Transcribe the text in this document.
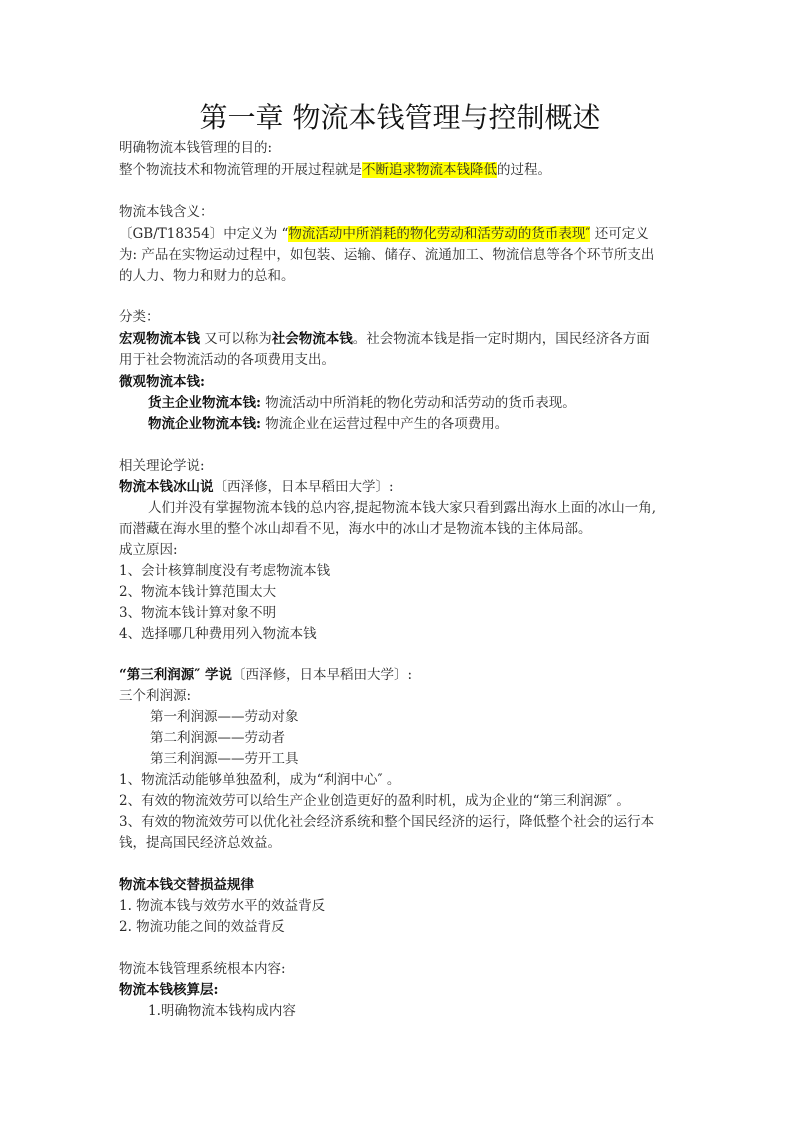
第一章 物流本钱管理与控制概述
明确物流本钱管理的目的:
整个物流技术和物流管理的开展过程就是不断追求物流本钱降低的过程。
物流本钱含义：
〔GB/T18354〕中定义为 “物流活动中所消耗的物化劳动和活劳动的货币表现″ 还可定义
为: 产品在实物运动过程中，如包装、运输、储存、流通加工、物流信息等各个环节所支出
的人力、物力和财力的总和。
分类：
宏观物流本钱 又可以称为社会物流本钱。社会物流本钱是指一定时期内，国民经济各方面
用于社会物流活动的各项费用支出。
微观物流本钱:
货主企业物流本钱: 物流活动中所消耗的物化劳动和活劳动的货币表现。
物流企业物流本钱: 物流企业在运营过程中产生的各项费用。
相关理论学说:
物流本钱冰山说〔西泽修，日本早稻田大学〕:
人们并没有掌握物流本钱的总内容,提起物流本钱大家只看到露出海水上面的冰山一角,
而潜藏在海水里的整个冰山却看不见，海水中的冰山才是物流本钱的主体局部。
成立原因:
1、会计核算制度没有考虑物流本钱
2、物流本钱计算范围太大
3、物流本钱计算对象不明
4、选择哪几种费用列入物流本钱
“第三利润源″ 学说〔西泽修，日本早稻田大学〕:
三个利润源:
第一利润源——劳动对象
第二利润源——劳动者
第三利润源——劳开工具
1、物流活动能够单独盈利，成为“利润中心″ 。
2、有效的物流效劳可以给生产企业创造更好的盈利时机，成为企业的“第三利润源″ 。
3、有效的物流效劳可以优化社会经济系统和整个国民经济的运行，降低整个社会的运行本
钱，提高国民经济总效益。
物流本钱交替损益规律
1. 物流本钱与效劳水平的效益背反
2. 物流功能之间的效益背反
物流本钱管理系统根本内容:
物流本钱核算层:
1.明确物流本钱构成内容
